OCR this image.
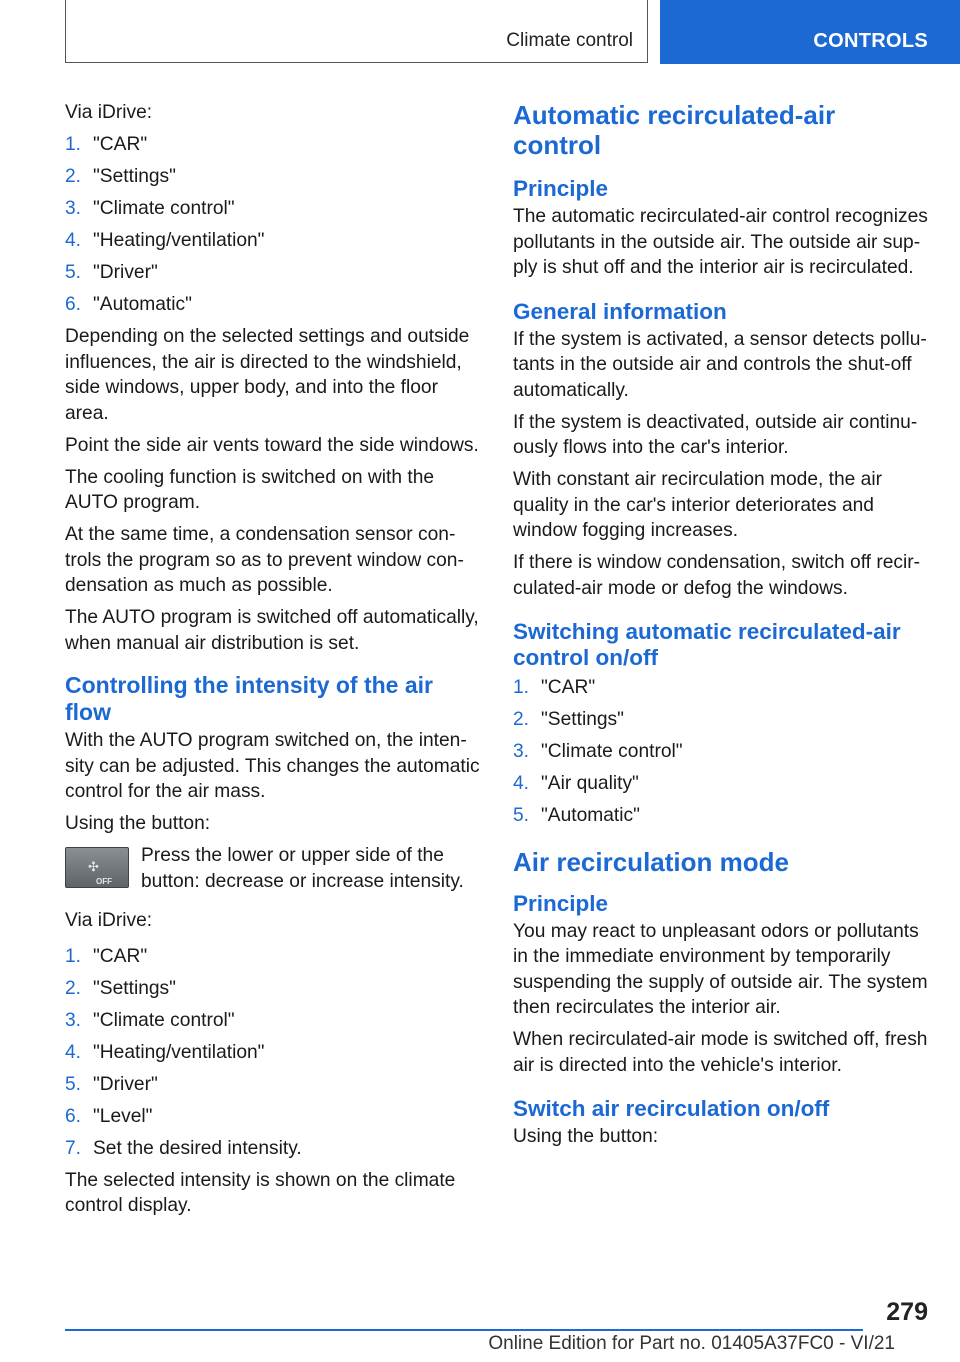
Climate control	CONTROLS

Via iDrive:

1. "CAR"
2. "Settings"
3. "Climate control"
4. "Heating/ventilation"
5. "Driver"
6. "Automatic"

Depending on the selected settings and outside influences, the air is directed to the windshield, side windows, upper body, and into the floor area.

Point the side air vents toward the side windows.

The cooling function is switched on with the AUTO program.

At the same time, a condensation sensor controls the program so as to prevent window condensation as much as possible.

The AUTO program is switched off automatically, when manual air distribution is set.

Controlling the intensity of the air flow

With the AUTO program switched on, the intensity can be adjusted. This changes the automatic control for the air mass.

Using the button:

✣
OFF
Press the lower or upper side of the button: decrease or increase intensity.

Via iDrive:

1. "CAR"
2. "Settings"
3. "Climate control"
4. "Heating/ventilation"
5. "Driver"
6. "Level"
7. Set the desired intensity.

The selected intensity is shown on the climate control display.

Automatic recirculated-air control
Principle

The automatic recirculated-air control recognizes pollutants in the outside air. The outside air supply is shut off and the interior air is recirculated.

General information

If the system is activated, a sensor detects pollutants in the outside air and controls the shut-off automatically.

If the system is deactivated, outside air continuously flows into the car's interior.

With constant air recirculation mode, the air quality in the car's interior deteriorates and window fogging increases.

If there is window condensation, switch off recirculated-air mode or defog the windows.

Switching automatic recirculated-air control on/off
1. "CAR"
2. "Settings"
3. "Climate control"
4. "Air quality"
5. "Automatic"
Air recirculation mode
Principle

You may react to unpleasant odors or pollutants in the immediate environment by temporarily suspending the supply of outside air. The system then recirculates the interior air.

When recirculated-air mode is switched off, fresh air is directed into the vehicle's interior.

Switch air recirculation on/off

Using the button:

279
Online Edition for Part no. 01405A37FC0 - VI/21
